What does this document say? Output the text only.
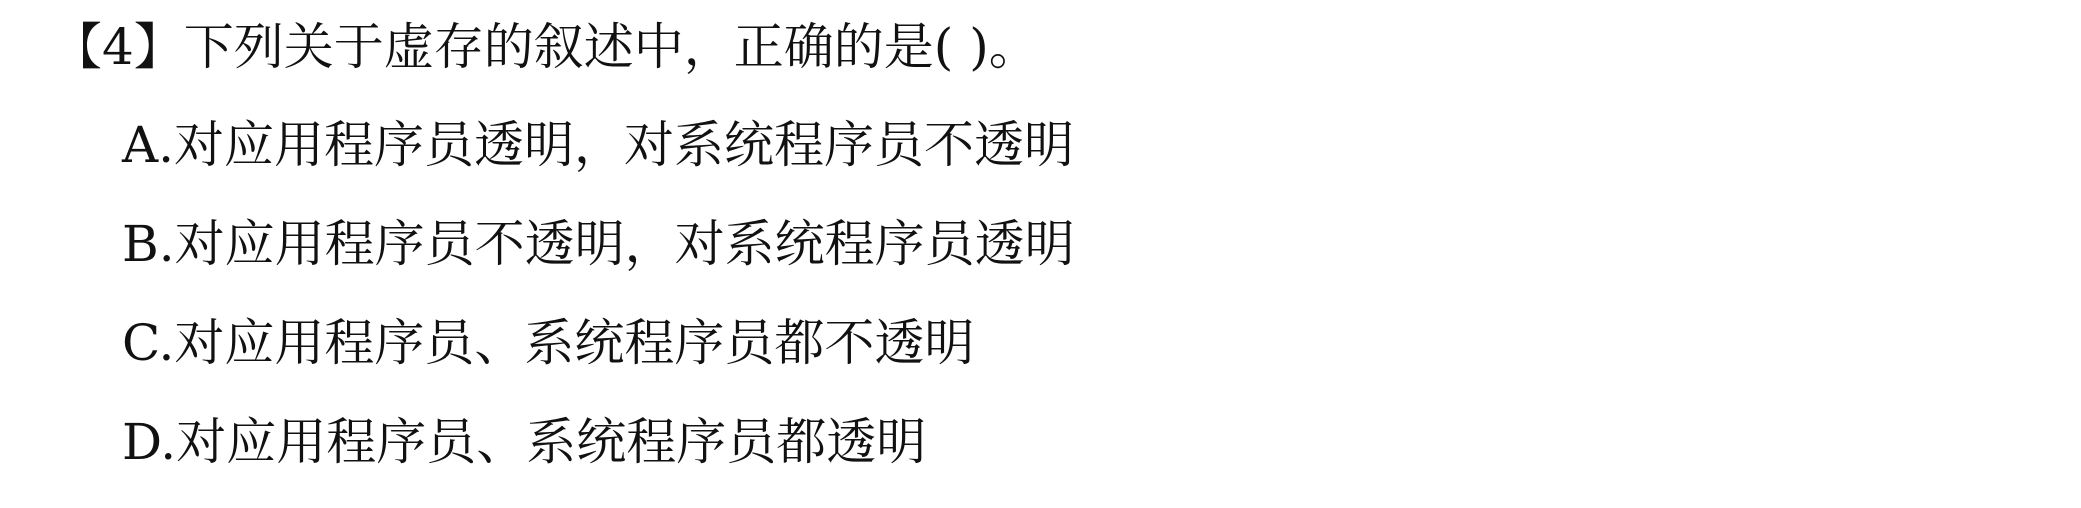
【4】下列关于虚存的叙述中，正确的是( )。
A.对应用程序员透明，对系统程序员不透明
B.对应用程序员不透明，对系统程序员透明
C.对应用程序员、系统程序员都不透明
D.对应用程序员、系统程序员都透明
